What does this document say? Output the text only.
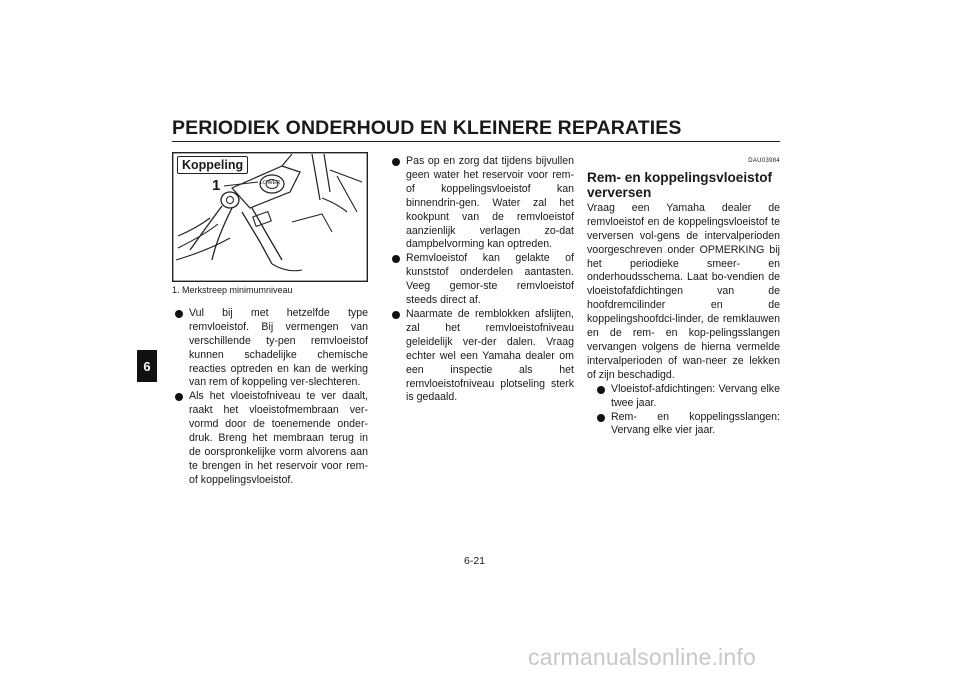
PERIODIEK ONDERHOUD EN KLEINERE REPARATIES
6
LOWER
Koppeling
1
1. Merkstreep minimumniveau
Vul bij met hetzelfde type remvloeistof. Bij vermengen van verschillende ty-pen remvloeistof kunnen schadelijke chemische reacties optreden en kan de werking van rem of koppeling ver-slechteren.
Als het vloeistofniveau te ver daalt, raakt het vloeistofmembraan ver-vormd door de toenemende onder-druk. Breng het membraan terug in de oorspronkelijke vorm alvorens aan te brengen in het reservoir voor rem- of koppelingsvloeistof.
Pas op en zorg dat tijdens bijvullen geen water het reservoir voor rem- of koppelingsvloeistof kan binnendrin-gen. Water zal het kookpunt van de remvloeistof aanzienlijk verlagen zo-dat dampbelvorming kan optreden.
Remvloeistof kan gelakte of kunststof onderdelen aantasten. Veeg gemor-ste remvloeistof steeds direct af.
Naarmate de remblokken afslijten, zal het remvloeistofniveau geleidelijk ver-der dalen. Vraag echter wel een Yamaha dealer om een inspectie als het remvloeistofniveau plotseling sterk is gedaald.
DAU03984
Rem- en koppelingsvloeistof verversen
Vraag een Yamaha dealer de remvloeistof en de koppelingsvloeistof te verversen vol-gens de intervalperioden voorgeschreven onder OPMERKING bij het periodieke smeer- en onderhoudsschema. Laat bo-vendien de vloeistofafdichtingen van de hoofdremcilinder en de koppelingshoofdci-linder, de remklauwen en de rem- en kop-pelingsslangen vervangen volgens de hierna vermelde intervalperioden of wan-neer ze lekken of zijn beschadigd.
Vloeistof-afdichtingen: Vervang elke twee jaar.
Rem- en koppelingsslangen: Vervang elke vier jaar.
6-21
carmanualsonline.info
